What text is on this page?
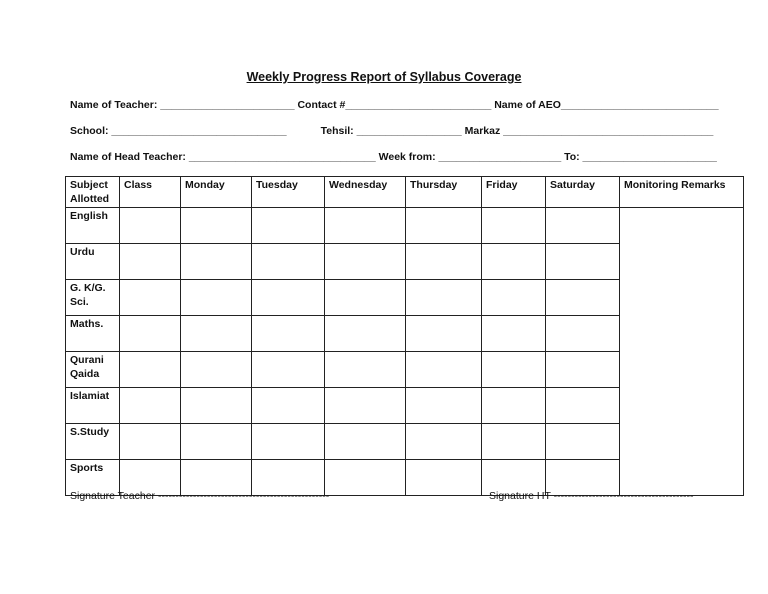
Weekly Progress Report of Syllabus Coverage
Name of Teacher: _______________________ Contact #_________________________ Name of AEO___________________________
School: ______________________________	Tehsil: __________________ Markaz ____________________________________
Name of Head Teacher: ________________________________ Week from: _____________________ To: _______________________
Subject Allotted	Class	Monday	Tuesday	Wednesday	Thursday	Friday	Saturday	Monitoring Remarks
English								
Urdu								
G. K/G. Sci.								
Maths.								
Qurani Qaida								
Islamiat								
S.Study								
Sports								
Signature Teacher -------------------------------------------------	Signature HT ----------------------------------------
